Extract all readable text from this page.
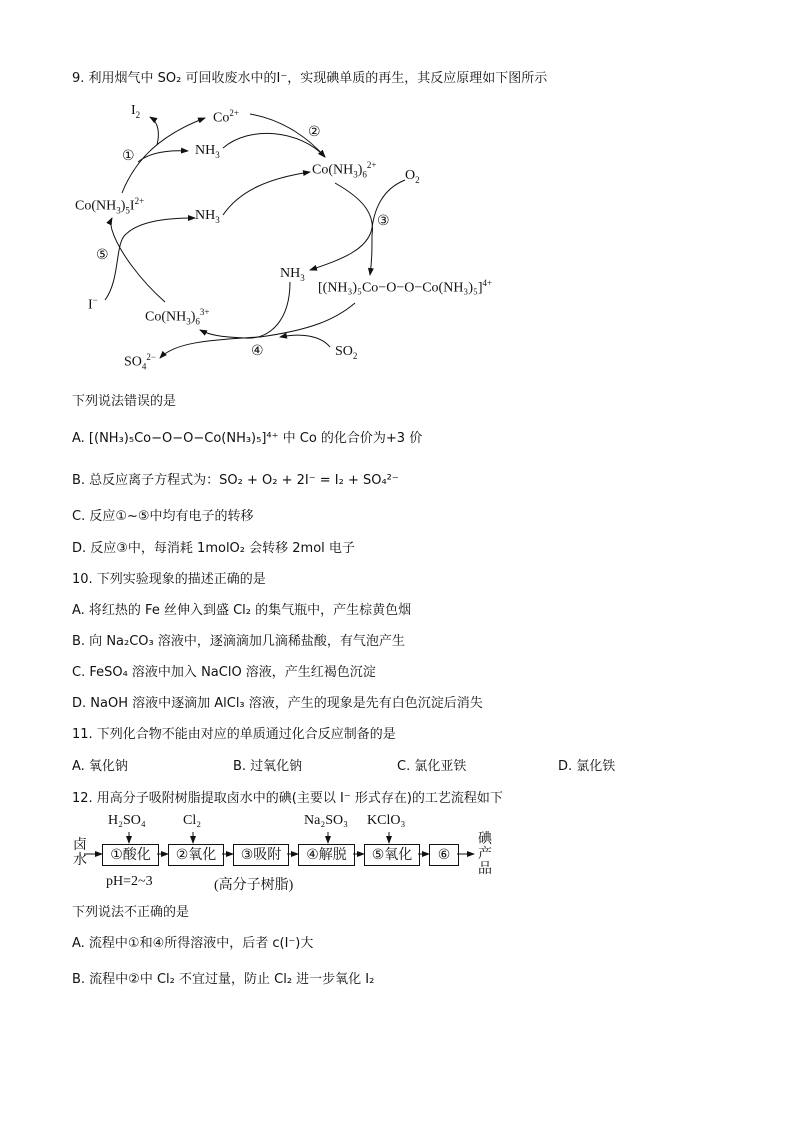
9. 利用烟气中 SO₂ 可回收废水中的I⁻，实现碘单质的再生，其反应原理如下图所示
$I_2$	$Co^{2+}$
②
①	$NH_3$
$Co(NH_3)_6^{2+}$
$O_2$
$Co(NH_3)_5I^{2+}$
$NH_3$	③
⑤
$NH_3$
$[(NH_3)_5Co-O-O-Co(NH_3)_5]^{4+}$
I−
$Co(NH_3)_6^{3+}$
④	$SO_2$
$SO_4^{2-}$
下列说法错误的是
A. [(NH₃)₅Co−O−O−Co(NH₃)₅]⁴⁺ 中 Co 的化合价为+3 价
B. 总反应离子方程式为：SO₂ + O₂ + 2I⁻ = I₂ + SO₄²⁻
C. 反应①~⑤中均有电子的转移
D. 反应③中，每消耗 1molO₂ 会转移 2mol 电子
10. 下列实验现象的描述正确的是
A. 将红热的 Fe 丝伸入到盛 Cl₂ 的集气瓶中，产生棕黄色烟
B. 向 Na₂CO₃ 溶液中，逐滴滴加几滴稀盐酸，有气泡产生
C. FeSO₄ 溶液中加入 NaClO 溶液，产生红褐色沉淀
D. NaOH 溶液中逐滴加 AlCl₃ 溶液，产生的现象是先有白色沉淀后消失
11. 下列化合物不能由对应的单质通过化合反应制备的是
A. 氧化钠	B. 过氧化钠	C. 氯化亚铁	D. 氯化铁
12. 用高分子吸附树脂提取卤水中的碘(主要以 I⁻ 形式存在)的工艺流程如下
卤水	①酸化	②氧化	③吸附	④解脱	⑤氧化	⑥
碘产品
H₂SO₄	Cl₂	Na₂SO₃ KClO₃
pH=2~3	(高分子树脂)
下列说法不正确的是
A. 流程中①和④所得溶液中，后者 c(I⁻)大
B. 流程中②中 Cl₂ 不宜过量，防止 Cl₂ 进一步氧化 I₂
